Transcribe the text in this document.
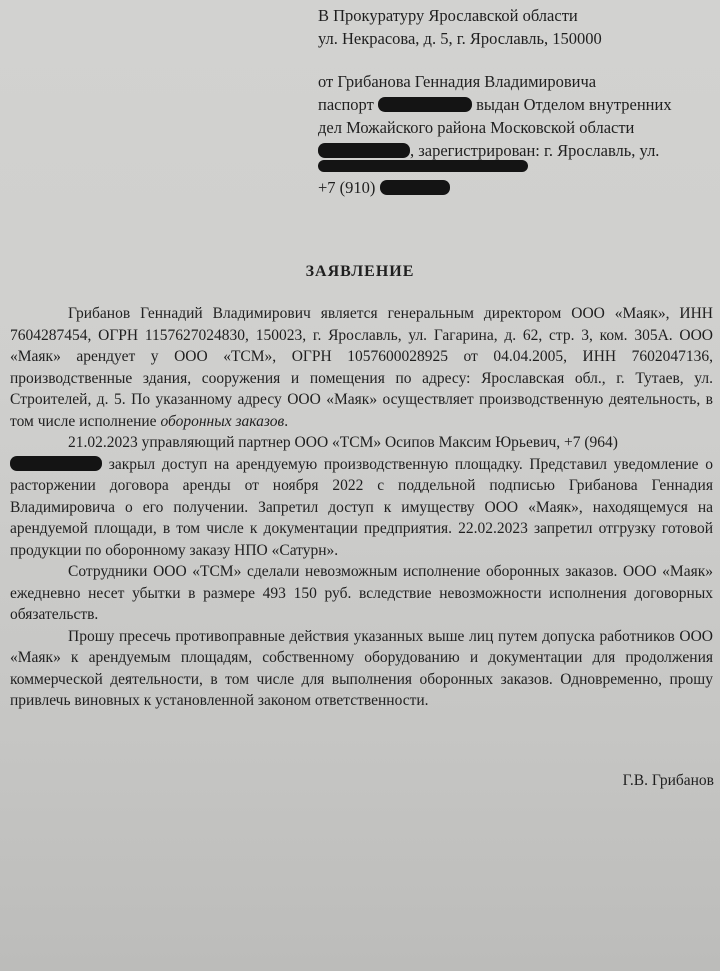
В Прокуратуру Ярославской области
ул. Некрасова, д. 5, г. Ярославль, 150000
от Грибанова Геннадия Владимировича
паспорт	выдан Отделом внутренних
дел Можайского района Московской области
, зарегистрирован: г. Ярославль, ул.
+7 (910)
ЗАЯВЛЕНИЕ

Грибанов Геннадий Владимирович является генеральным директором ООО «Маяк», ИНН 7604287454, ОГРН 1157627024830, 150023, г. Ярославль, ул. Гагарина, д. 62, стр. 3, ком. 305А. ООО «Маяк» арендует у ООО «ТСМ», ОГРН 1057600028925 от 04.04.2005, ИНН 7602047136, производственные здания, сооружения и помещения по адресу: Ярославская обл., г. Тутаев, ул. Строителей, д. 5. По указанному адресу ООО «Маяк» осуществляет производственную деятельность, в том числе исполнение оборонных заказов.

21.02.2023 управляющий партнер ООО «ТСМ» Осипов Максим Юрьевич, +7 (964)
закрыл доступ на арендуемую производственную площадку. Представил уведомление о расторжении договора аренды от ноября 2022 с поддельной подписью Грибанова Геннадия Владимировича о его получении. Запретил доступ к имуществу ООО «Маяк», находящемуся на арендуемой площади, в том числе к документации предприятия. 22.02.2023 запретил отгрузку готовой продукции по оборонному заказу НПО «Сатурн».

Сотрудники ООО «ТСМ» сделали невозможным исполнение оборонных заказов. ООО «Маяк» ежедневно несет убытки в размере 493 150 руб. вследствие невозможности исполнения договорных обязательств.

Прошу пресечь противоправные действия указанных выше лиц путем допуска работников ООО «Маяк» к арендуемым площадям, собственному оборудованию и документации для продолжения коммерческой деятельности, в том числе для выполнения оборонных заказов. Одновременно, прошу привлечь виновных к установленной законом ответственности.

Г.В. Грибанов
